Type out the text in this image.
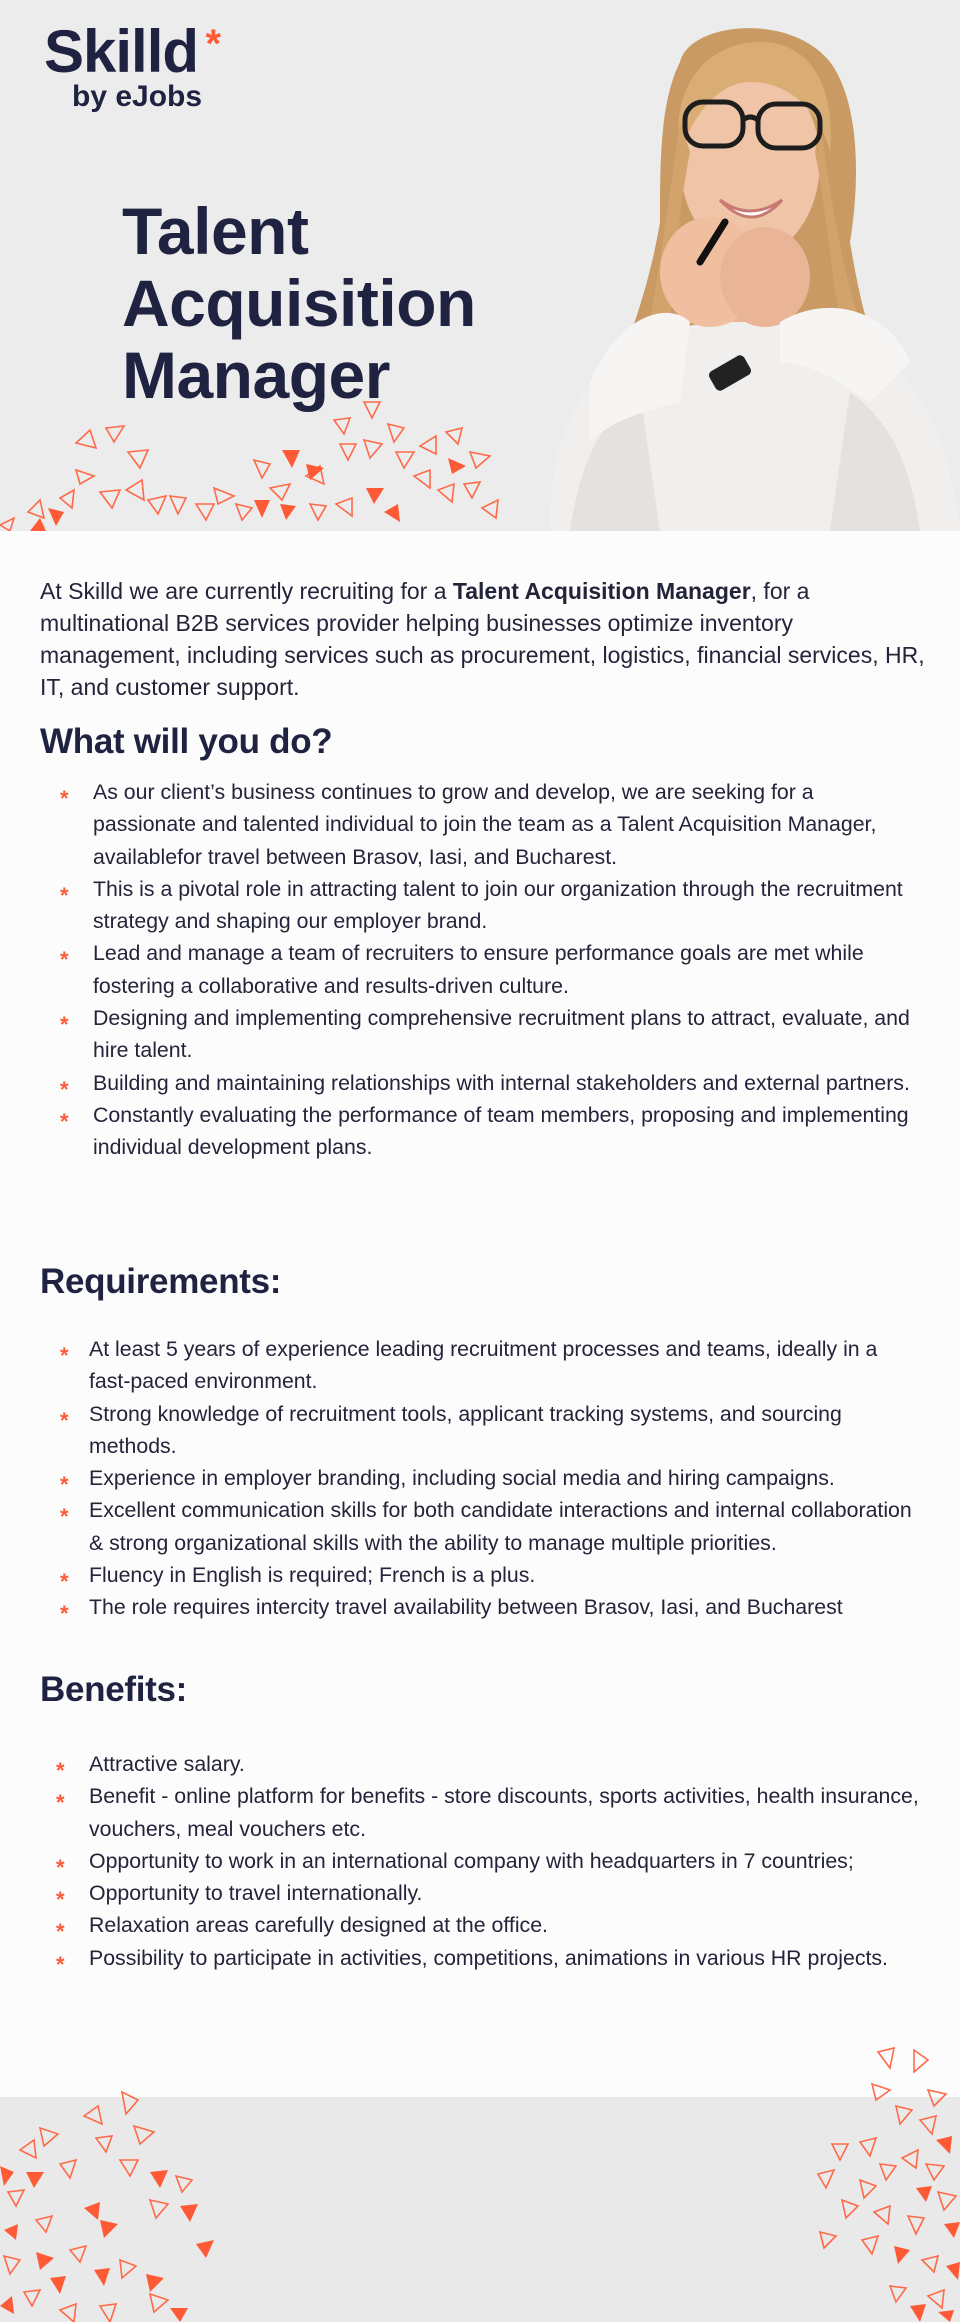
Skilld *
by eJobs
Talent
Acquisition
Manager

At Skilld we are currently recruiting for a Talent Acquisition Manager, for a multinational B2B services provider helping businesses optimize inventory management, including services such as procurement, logistics, financial services, HR, IT, and customer support.

What will you do?
* As our client’s business continues to grow and develop, we are seeking for a passionate and talented individual to join the team as a Talent Acquisition Manager, availablefor travel between Brasov, Iasi, and Bucharest.
* This is a pivotal role in attracting talent to join our organization through the recruitment strategy and shaping our employer brand.
* Lead and manage a team of recruiters to ensure performance goals are met while fostering a collaborative and results-driven culture.
* Designing and implementing comprehensive recruitment plans to attract, evaluate, and hire talent.
* Building and maintaining relationships with internal stakeholders and external partners.
* Constantly evaluating the performance of team members, proposing and implementing individual development plans.
Requirements:
* At least 5 years of experience leading recruitment processes and teams, ideally in a fast-paced environment.
* Strong knowledge of recruitment tools, applicant tracking systems, and sourcing methods.
* Experience in employer branding, including social media and hiring campaigns.
* Excellent communication skills for both candidate interactions and internal collaboration & strong organizational skills with the ability to manage multiple priorities.
* Fluency in English is required; French is a plus.
* The role requires intercity travel availability between Brasov, Iasi, and Bucharest
Benefits:
* Attractive salary.
* Benefit - online platform for benefits - store discounts, sports activities, health insurance, vouchers, meal vouchers etc.
* Opportunity to work in an international company with headquarters in 7 countries;
* Opportunity to travel internationally.
* Relaxation areas carefully designed at the office.
* Possibility to participate in activities, competitions, animations in various HR projects.
